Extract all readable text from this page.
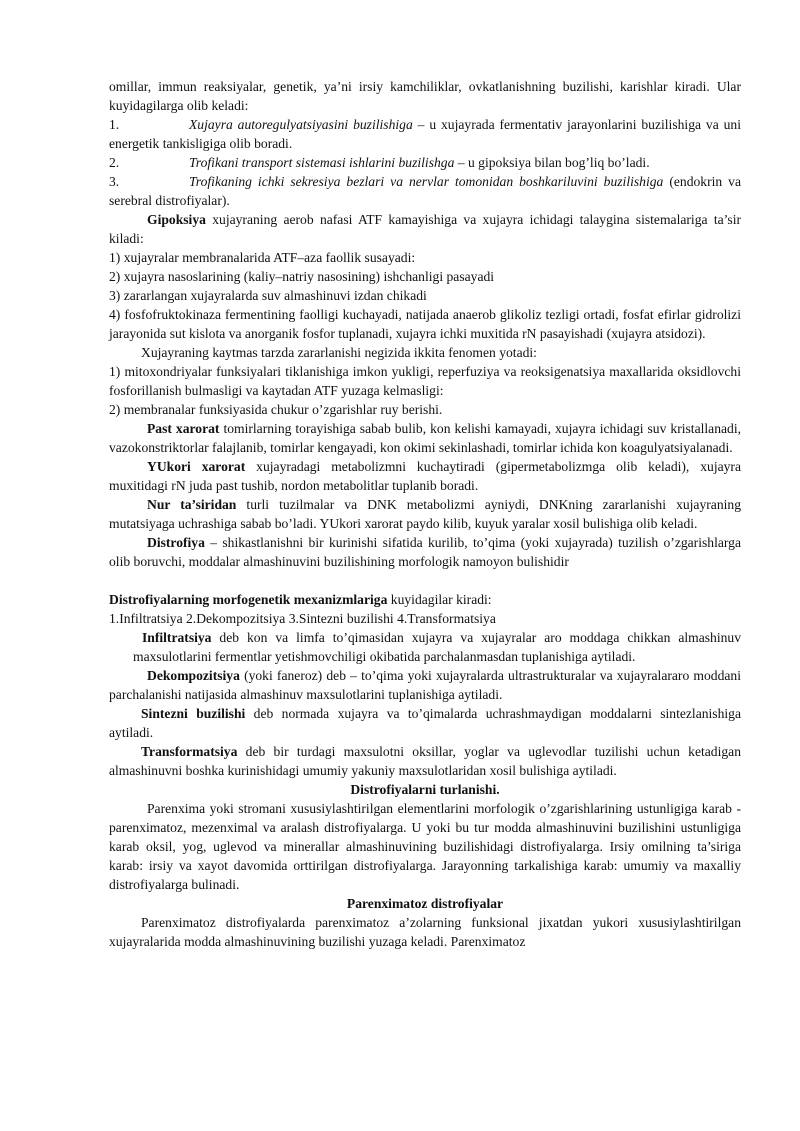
omillar, immun reaksiyalar, genetik, ya’ni irsiy kamchiliklar, ovkatlanishning buzilishi, karishlar kiradi. Ular kuyidagilarga olib keladi:

1.	Xujayra autoregulyatsiyasini buzilishiga – u xujayrada fermentativ jarayonlarini buzilishiga va uni energetik tankisligiga olib boradi.

2.	Trofikani transport sistemasi ishlarini buzilishga – u gipoksiya bilan bog’liq bo’ladi.

3.	Trofikaning ichki sekresiya bezlari va nervlar tomonidan boshkariluvini buzilishiga (endokrin va serebral distrofiyalar).

Gipoksiya xujayraning aerob nafasi ATF kamayishiga va xujayra ichidagi talaygina sistemalariga ta’sir kiladi:

1) xujayralar membranalarida ATF–aza faollik susayadi:

2) xujayra nasoslarining (kaliy–natriy nasosining) ishchanligi pasayadi

3) zararlangan xujayralarda suv almashinuvi izdan chikadi

4) fosfofruktokinaza fermentining faolligi kuchayadi, natijada anaerob glikoliz tezligi ortadi, fosfat efirlar gidrolizi jarayonida sut kislota va anorganik fosfor tuplanadi, xujayra ichki muxitida rN pasayishadi (xujayra atsidozi).

Xujayraning kaytmas tarzda zararlanishi negizida ikkita fenomen yotadi:

1) mitoxondriyalar funksiyalari tiklanishiga imkon yukligi, reperfuziya va reoksigenatsiya maxallarida oksidlovchi fosforillanish bulmasligi va kaytadan ATF yuzaga kelmasligi:

2) membranalar funksiyasida chukur o’zgarishlar ruy berishi.

Past xarorat tomirlarning torayishiga sabab bulib, kon kelishi kamayadi, xujayra ichidagi suv kristallanadi, vazokonstriktorlar falajlanib, tomirlar kengayadi, kon okimi sekinlashadi, tomirlar ichida kon koagulyatsiyalanadi.

YUkori xarorat xujayradagi metabolizmni kuchaytiradi (gipermetabolizmga olib keladi), xujayra muxitidagi rN juda past tushib, nordon metabolitlar tuplanib boradi.

Nur ta’siridan turli tuzilmalar va DNK metabolizmi ayniydi, DNKning zararlanishi xujayraning mutatsiyaga uchrashiga sabab bo’ladi. YUkori xarorat paydo kilib, kuyuk yaralar xosil bulishiga olib keladi.

Distrofiya – shikastlanishni bir kurinishi sifatida kurilib, to’qima (yoki xujayrada) tuzilish o’zgarishlarga olib boruvchi, moddalar almashinuvini buzilishining morfologik namoyon bulishidir

Distrofiyalarning morfogenetik mexanizmlariga kuyidagilar kiradi:

1.Infiltratsiya 2.Dekompozitsiya 3.Sintezni buzilishi 4.Transformatsiya

Infiltratsiya deb kon va limfa to’qimasidan xujayra va xujayralar aro moddaga chikkan almashinuv maxsulotlarini fermentlar yetishmovchiligi okibatida parchalanmasdan tuplanishiga aytiladi.

Dekompozitsiya (yoki faneroz) deb – to’qima yoki xujayralarda ultrastrukturalar va xujayralararo moddani parchalanishi natijasida almashinuv maxsulotlarini tuplanishiga aytiladi.

Sintezni buzilishi deb normada xujayra va to’qimalarda uchrashmaydigan moddalarni sintezlanishiga aytiladi.

Transformatsiya deb bir turdagi maxsulotni oksillar, yoglar va uglevodlar tuzilishi uchun ketadigan almashinuvni boshka kurinishidagi umumiy yakuniy maxsulotlaridan xosil bulishiga aytiladi.

Distrofiyalarni turlanishi.

Parenxima yoki stromani xususiylashtirilgan elementlarini morfologik o’zgarishlarining ustunligiga karab - parenximatoz, mezenximal va aralash distrofiyalarga. U yoki bu tur modda almashinuvini buzilishini ustunligiga karab oksil, yog, uglevod va minerallar almashinuvining buzilishidagi distrofiyalarga. Irsiy omilning ta’siriga karab: irsiy va xayot davomida orttirilgan distrofiyalarga. Jarayonning tarkalishiga karab: umumiy va maxalliy distrofiyalarga bulinadi.

Parenximatoz distrofiyalar

Parenximatoz distrofiyalarda parenximatoz a’zolarning funksional jixatdan yukori xususiylashtirilgan xujayralarida modda almashinuvining buzilishi yuzaga keladi. Parenximatoz
